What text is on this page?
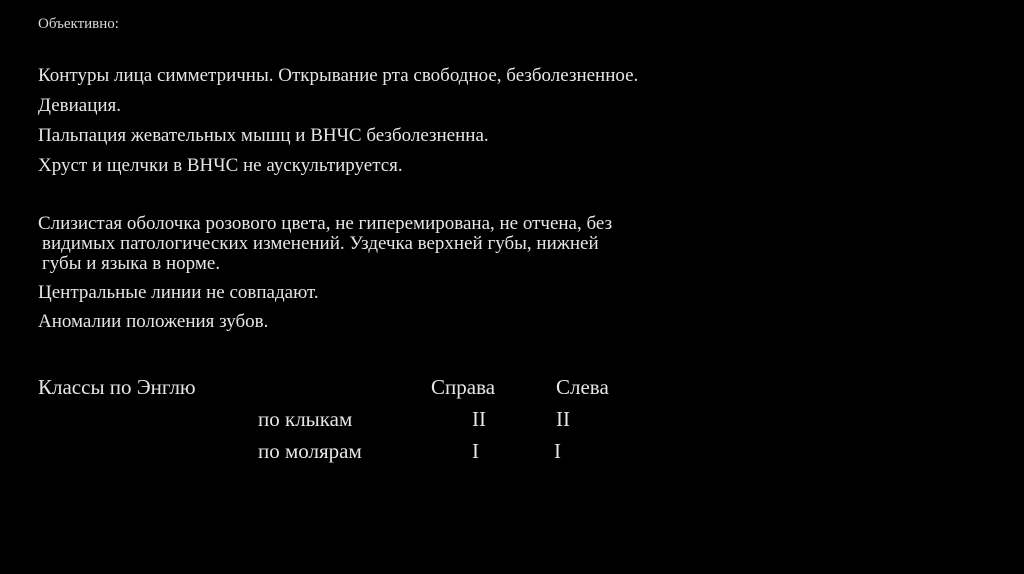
Объективно:
Контуры лица симметричны. Открывание рта свободное, безболезненное.
Девиация.
Пальпация жевательных мышц и ВНЧС безболезненна.
Хруст и щелчки в ВНЧС не аускультируется.
Слизистая оболочка розового цвета, не гиперемирована, не отчена, без
видимых патологических изменений. Уздечка верхней губы, нижней
губы и языка в норме.
Центральные линии не совпадают.
Аномалии положения зубов.
Классы по Энглю	Справа	Слева
по клыкам	II	II
по молярам	I	I
